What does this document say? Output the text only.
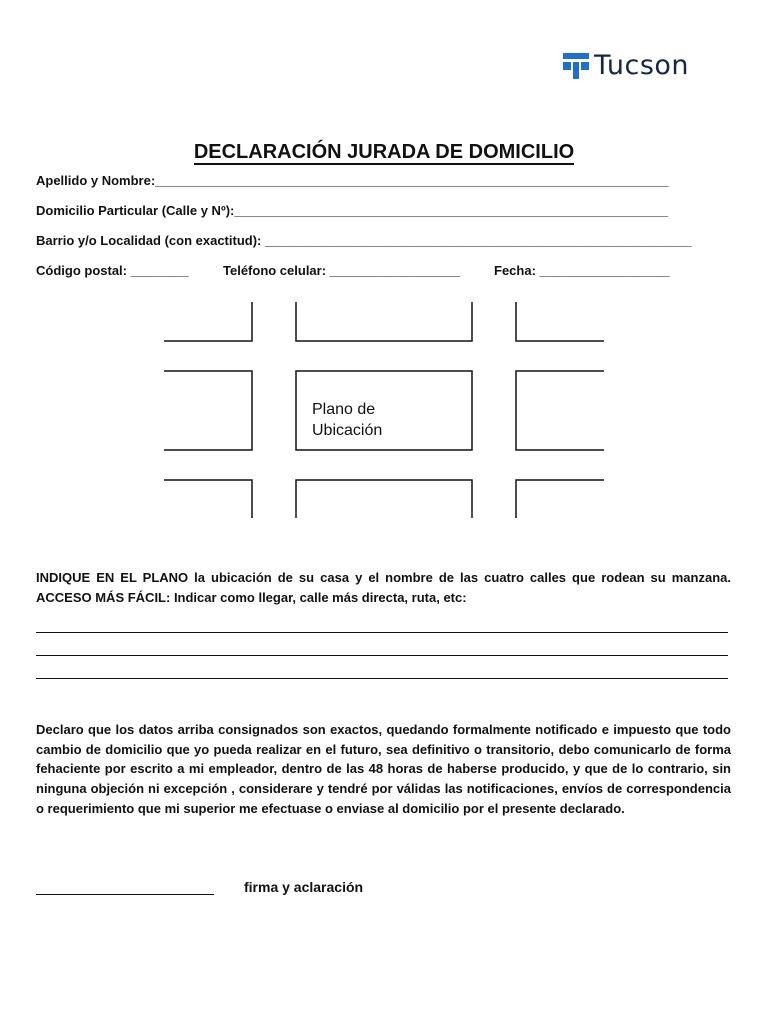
Tucson
DECLARACIÓN JURADA DE DOMICILIO
Apellido y Nombre:_______________________________________________________________________
Domicilio Particular (Calle y Nº):____________________________________________________________
Barrio y/o Localidad (con exactitud): ___________________________________________________________
Código postal: ________	Teléfono celular: __________________	Fecha: __________________
Plano de
Ubicación
INDIQUE EN EL PLANO la ubicación de su casa y el nombre de las cuatro calles que rodean su manzana.
ACCESO MÁS FÁCIL: Indicar como llegar, calle más directa, ruta, etc:
Declaro que los datos arriba consignados son exactos, quedando formalmente notificado e impuesto que todo cambio de domicilio que yo pueda realizar en el futuro, sea definitivo o transitorio, debo comunicarlo de forma fehaciente por escrito a mi empleador, dentro de las 48 horas de haberse producido, y que de lo contrario, sin ninguna objeción ni excepción , considerare y tendré por válidas las notificaciones, envíos de correspondencia o requerimiento que mi superior me efectuase o enviase al domicilio por el presente declarado.
firma y aclaración
